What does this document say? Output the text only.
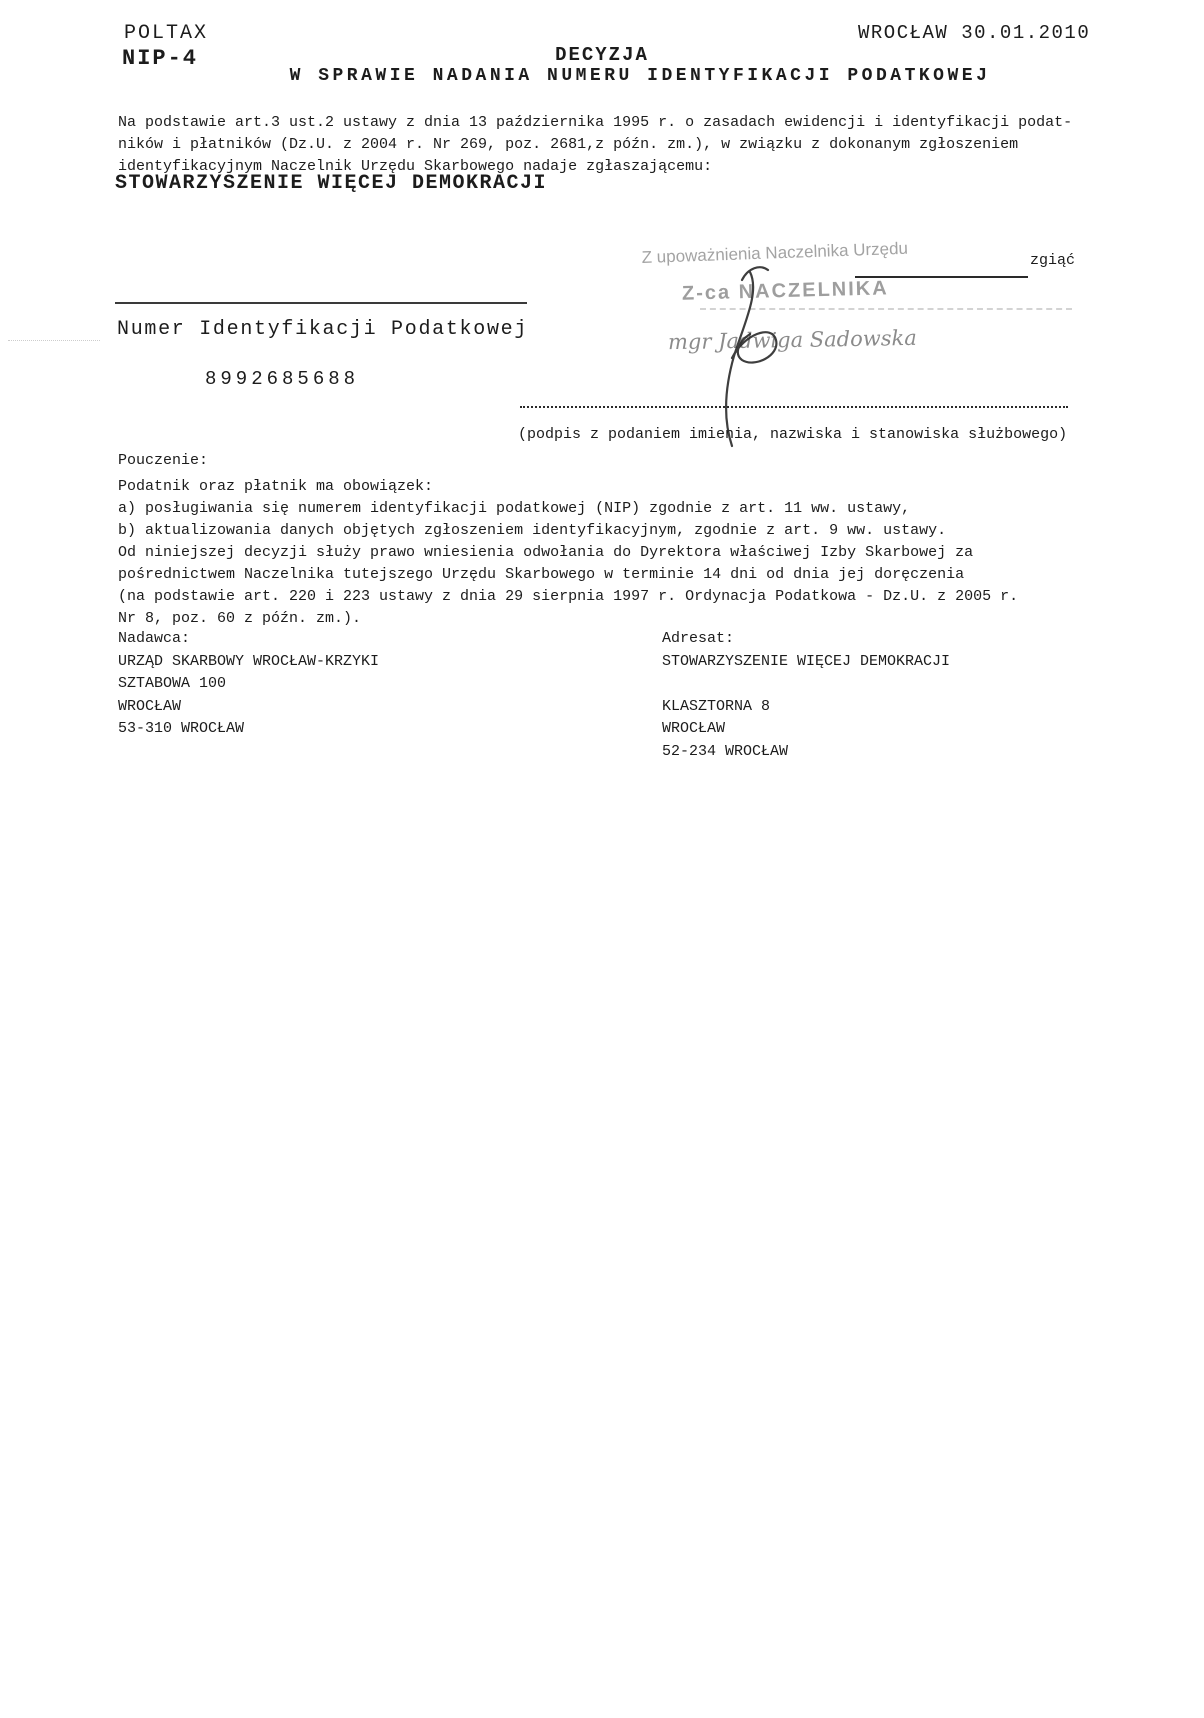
POLTAX
NIP-4
WROCŁAW 30.01.2010
DECYZJA
W SPRAWIE NADANIA NUMERU IDENTYFIKACJI PODATKOWEJ
Na podstawie art.3 ust.2 ustawy z dnia 13 października 1995 r. o zasadach ewidencji i identyfikacji podat-
ników i płatników (Dz.U. z 2004 r. Nr 269, poz. 2681,z późn. zm.), w związku z dokonanym zgłoszeniem
identyfikacyjnym Naczelnik Urzędu Skarbowego nadaje zgłaszającemu:
STOWARZYSZENIE WIĘCEJ DEMOKRACJI
Z upoważnienia Naczelnika Urzędu
Z-ca NACZELNIKA
mgr Jadwiga Sadowska
zgiąć
Numer Identyfikacji Podatkowej
8992685688
(podpis z podaniem imienia, nazwiska i stanowiska służbowego)
Pouczenie:
Podatnik oraz płatnik ma obowiązek:
a) posługiwania się numerem identyfikacji podatkowej (NIP) zgodnie z art. 11 ww. ustawy,
b) aktualizowania danych objętych zgłoszeniem identyfikacyjnym, zgodnie z art. 9 ww. ustawy.
Od niniejszej decyzji służy prawo wniesienia odwołania do Dyrektora właściwej Izby Skarbowej za
pośrednictwem Naczelnika tutejszego Urzędu Skarbowego w terminie 14 dni od dnia jej doręczenia
(na podstawie art. 220 i 223 ustawy z dnia 29 sierpnia 1997 r. Ordynacja Podatkowa - Dz.U. z 2005 r.
Nr 8, poz. 60 z późn. zm.).
Nadawca:
URZĄD SKARBOWY WROCŁAW-KRZYKI
SZTABOWA 100
WROCŁAW
53-310 WROCŁAW
Adresat:
STOWARZYSZENIE WIĘCEJ DEMOKRACJI
KLASZTORNA 8
WROCŁAW
52-234 WROCŁAW
